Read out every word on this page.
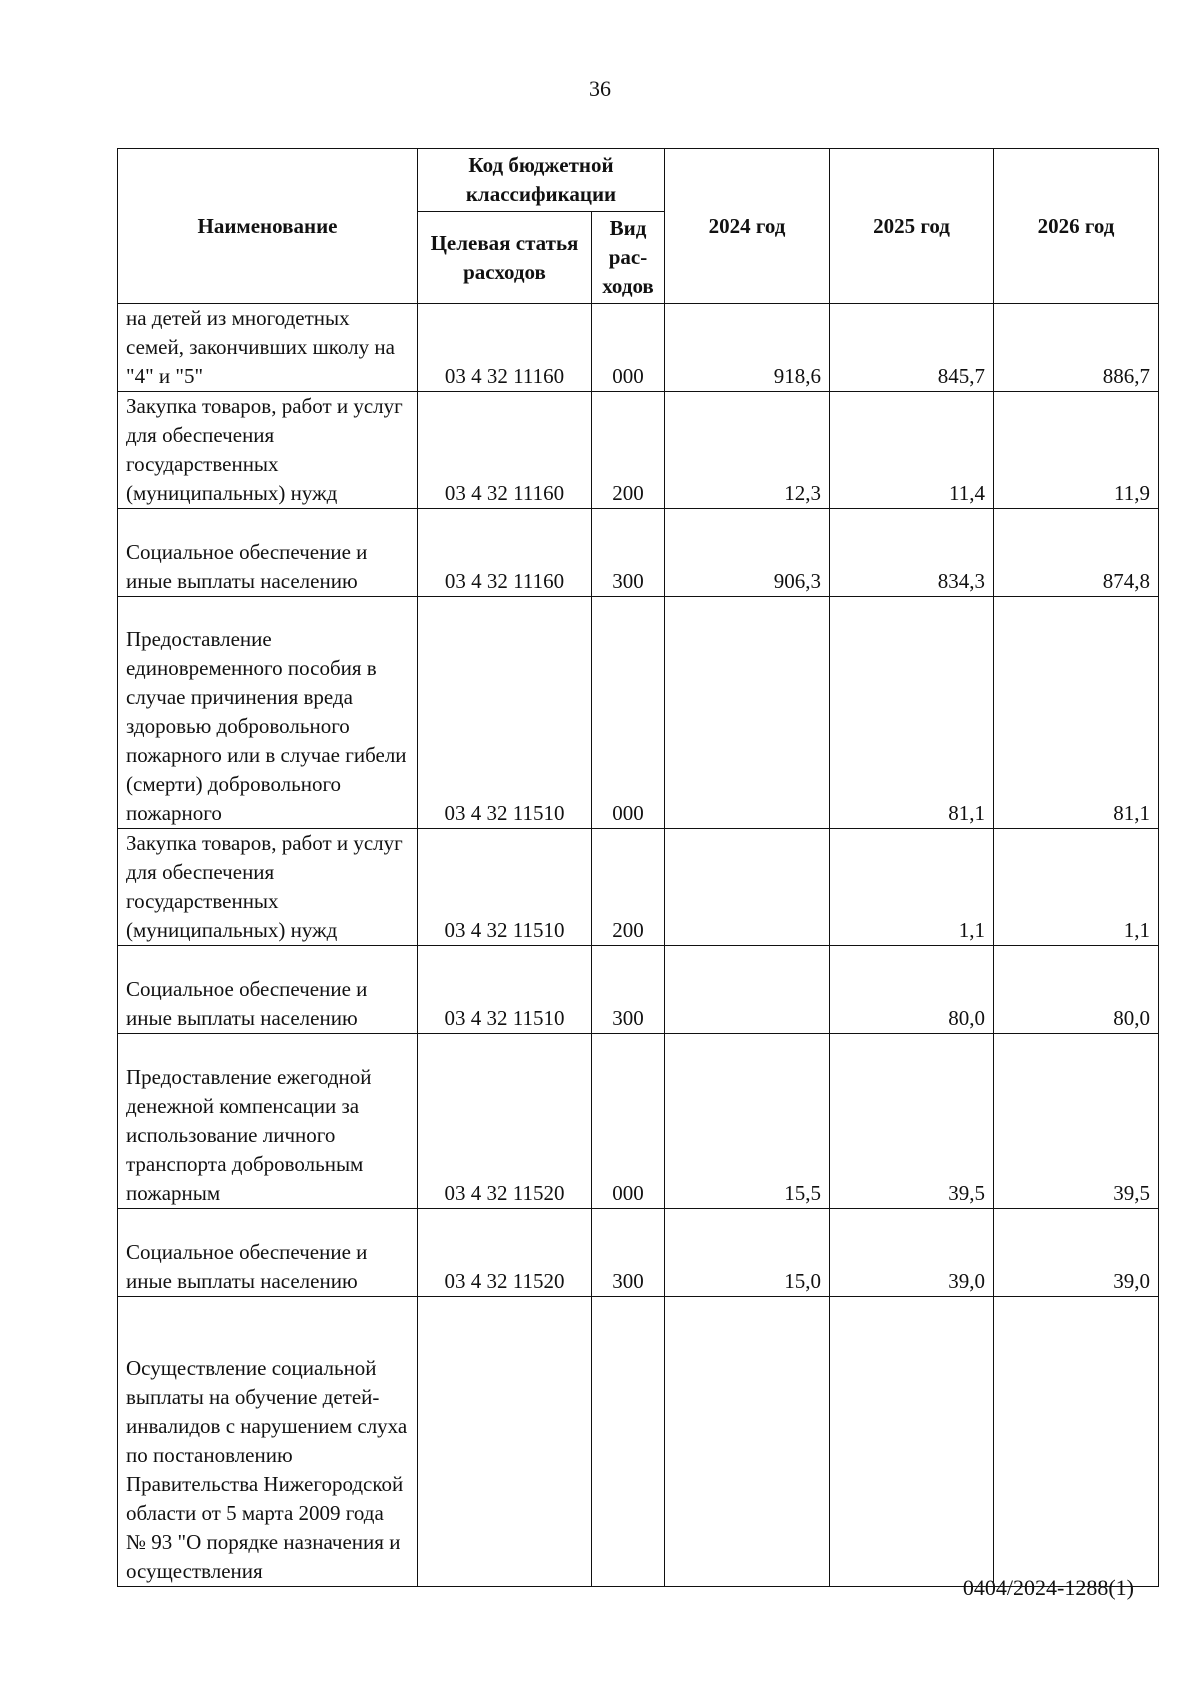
36
Наименование	Код бюджетной классификации		2024 год	2025 год	2026 год
	Целевая статья расходов	Вид рас- ходов			
на детей из многодетных семей, закончивших школу на "4" и "5"	03 4 32 11160	000	918,6	845,7	886,7
Закупка товаров, работ и услуг для обеспечения государственных (муниципальных) нужд	03 4 32 11160	200	12,3	11,4	11,9
Социальное обеспечение и иные выплаты населению	03 4 32 11160	300	906,3	834,3	874,8
Предоставление единовременного пособия в случае причинения вреда здоровью добровольного пожарного или в случае гибели (смерти) добровольного пожарного	03 4 32 11510	000		81,1	81,1
Закупка товаров, работ и услуг для обеспечения государственных (муниципальных) нужд	03 4 32 11510	200		1,1	1,1
Социальное обеспечение и иные выплаты населению	03 4 32 11510	300		80,0	80,0
Предоставление ежегодной денежной компенсации за использование личного транспорта добровольным пожарным	03 4 32 11520	000	15,5	39,5	39,5
Социальное обеспечение и иные выплаты населению	03 4 32 11520	300	15,0	39,0	39,0
Осуществление социальной выплаты на обучение детей-инвалидов с нарушением слуха по постановлению Правительства Нижегородской области от 5 марта 2009 года № 93 "О порядке назначения и осуществления					
0404/2024-1288(1)
